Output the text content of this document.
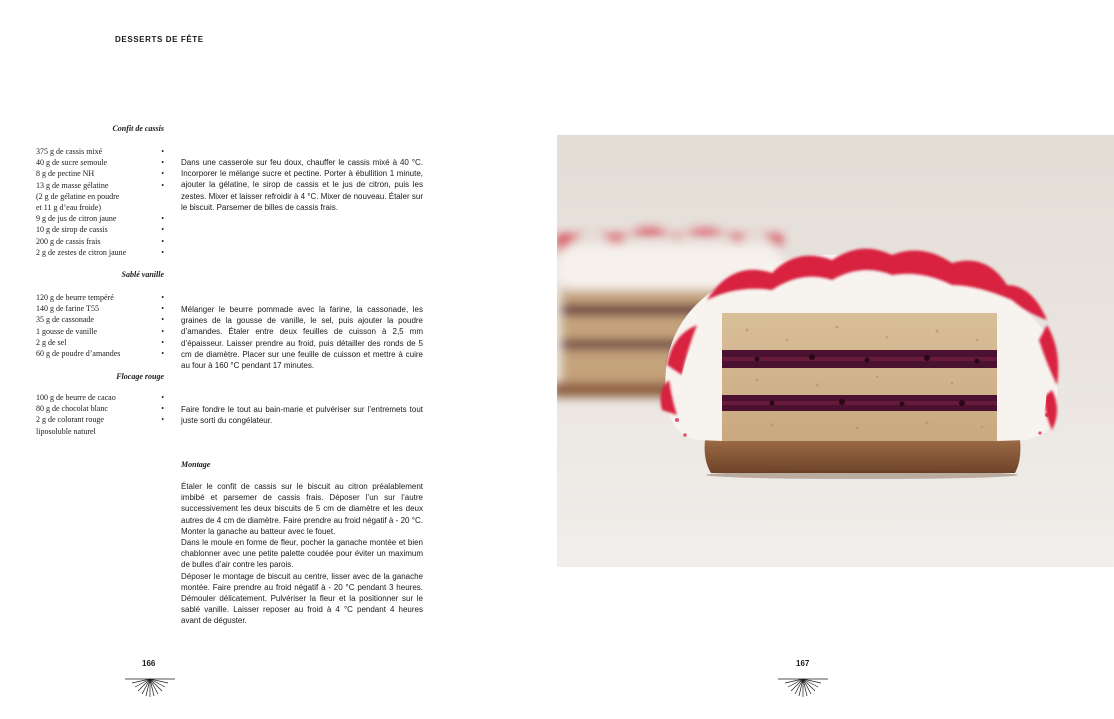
DESSERTS DE FÊTE
Confit de cassis
375 g de cassis mixé	•
40 g de sucre semoule	•
8 g de pectine NH	•
13 g de masse gélatine	•
(2 g de gélatine en poudre
et 11 g d’eau froide)
9 g de jus de citron jaune	•
10 g de sirop de cassis	•
200 g de cassis frais	•
2 g de zestes de citron jaune	•
Dans une casserole sur feu doux, chauffer le cassis mixé à 40 °C. Incorporer le mélange sucre et pectine. Porter à ébullition 1 minute, ajouter la gélatine, le sirop de cassis et le jus de citron, puis les zestes. Mixer et laisser refroidir à 4 °C. Mixer de nouveau. Étaler sur le biscuit. Parsemer de billes de cassis frais.
Sablé vanille
120 g de beurre tempéré	•
140 g de farine T55	•
35 g de cassonade	•
1 gousse de vanille	•
2 g de sel	•
60 g de poudre d’amandes	•
Mélanger le beurre pommade avec la farine, la cassonade, les graines de la gousse de vanille, le sel, puis ajouter la poudre d’amandes. Étaler entre deux feuilles de cuisson à 2,5 mm d’épaisseur. Laisser prendre au froid, puis détailler des ronds de 5 cm de diamètre. Placer sur une feuille de cuisson et mettre à cuire au four à 160 °C pendant 17 minutes.
Flocage rouge
100 g de beurre de cacao	•
80 g de chocolat blanc	•
2 g de colorant rouge	•
liposoluble naturel
Faire fondre le tout au bain-marie et pulvériser sur l’entremets tout juste sorti du congélateur.
Montage

Étaler le confit de cassis sur le biscuit au citron préalablement imbibé et parsemer de cassis frais. Déposer l’un sur l’autre successivement les deux biscuits de 5 cm de diamètre et les deux autres de 4 cm de diamètre. Faire prendre au froid négatif à - 20 °C. Monter la ganache au batteur avec le fouet.

Dans le moule en forme de fleur, pocher la ganache montée et bien chablonner avec une petite palette coudée pour éviter un maximum de bulles d’air contre les parois.

Déposer le montage de biscuit au centre, lisser avec de la ganache montée. Faire prendre au froid négatif à - 20 °C pendant 3 heures. Démouler délicatement. Pulvériser la fleur et la positionner sur le sablé vanille. Laisser reposer au froid à 4 °C pendant 4 heures avant de déguster.

166	167
